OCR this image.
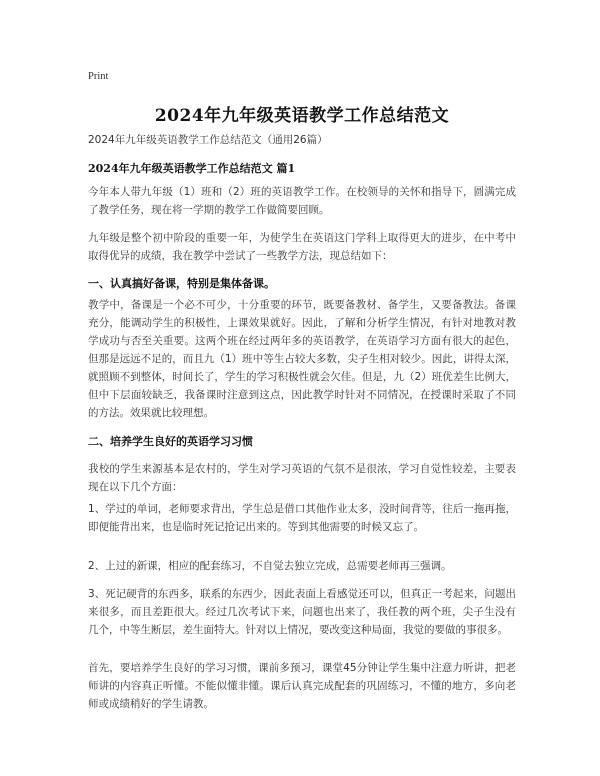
Print
2024年九年级英语教学工作总结范文
2024年九年级英语教学工作总结范文（通用26篇）
2024年九年级英语教学工作总结范文 篇1
今年本人带九年级（1）班和（2）班的英语教学工作。在校领导的关怀和指导下，圆满完成了教学任务，现在将一学期的教学工作做简要回顾。
九年级是整个初中阶段的重要一年，为使学生在英语这门学科上取得更大的进步，在中考中取得优异的成绩，我在教学中尝试了一些教学方法，现总结如下：
一、认真搞好备课，特别是集体备课。
教学中，备课是一个必不可少，十分重要的环节，既要备教材、备学生，又要备教法。备课充分，能调动学生的积极性，上课效果就好。因此，了解和分析学生情况，有针对地教对教学成功与否至关重要。这两个班在经过两年多的英语教学，在英语学习方面有很大的起色，但那是远远不足的，而且九（1）班中等生占较大多数，尖子生相对较少。因此，讲得太深，就照顾不到整体，时间长了，学生的学习积极性就会欠佳。但是，九（2）班优差生比例大，但中下层面较缺乏，我备课时注意到这点，因此教学时针对不同情况，在授课时采取了不同的方法。效果就比较理想。
二、培养学生良好的英语学习习惯
我校的学生来源基本是农村的，学生对学习英语的气氛不是很浓，学习自觉性较差，主要表现在以下几个方面：
1、学过的单词，老师要求背出，学生总是借口其他作业太多，没时间背等，往后一拖再拖，即便能背出来，也是临时死记抢记出来的。等到其他需要的时候又忘了。
2、上过的新课，相应的配套练习，不自觉去独立完成，总需要老师再三强调。
3、死记硬背的东西多，联系的东西少，因此表面上看感觉还可以，但真正一考起来，问题出来很多，而且差距很大。经过几次考试下来，问题也出来了，我任教的两个班，尖子生没有几个，中等生断层，差生面特大。针对以上情况，要改变这种局面，我觉的要做的事很多。
首先，要培养学生良好的学习习惯，课前多预习，课堂45分钟让学生集中注意力听讲，把老师讲的内容真正听懂。不能似懂非懂。课后认真完成配套的巩固练习，不懂的地方，多向老师或成绩稍好的学生请教。
